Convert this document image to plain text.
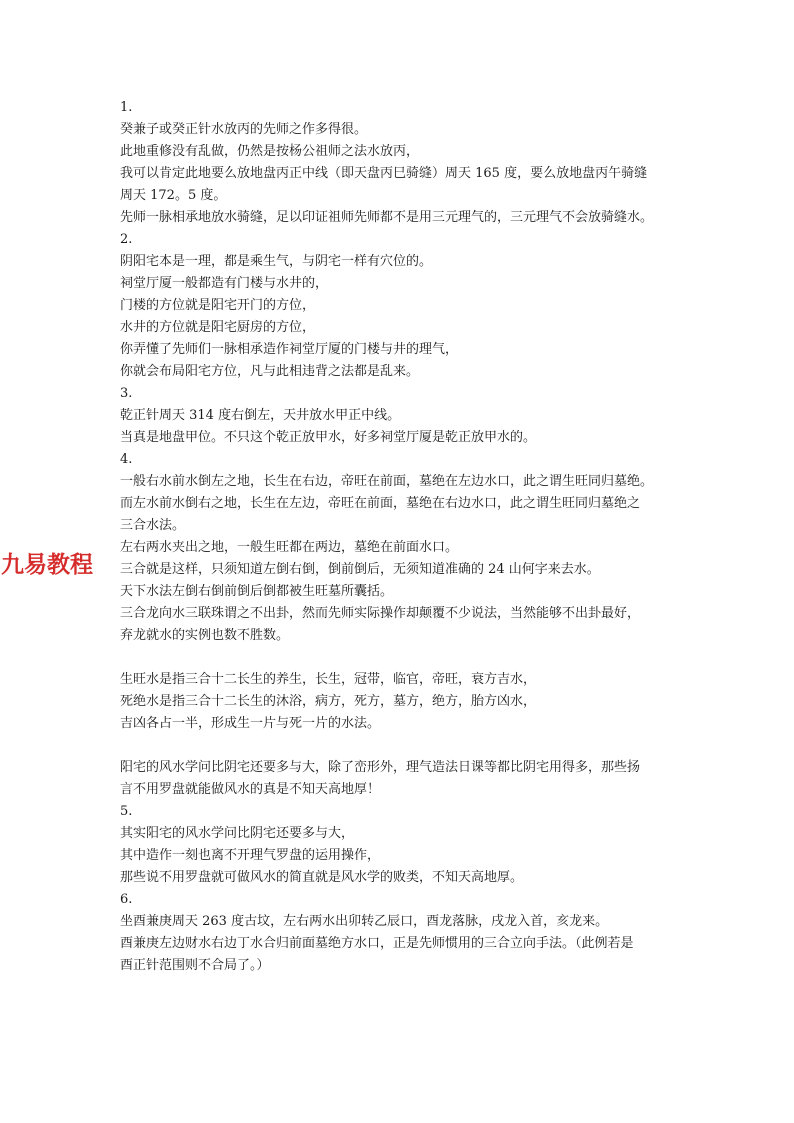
九易教程
1.
癸兼子或癸正针水放丙的先师之作多得很。
此地重修没有乱做，仍然是按杨公祖师之法水放丙，
我可以肯定此地要么放地盘丙正中线（即天盘丙巳骑缝）周天 165 度，要么放地盘丙午骑缝
周天 172。5 度。
先师一脉相承地放水骑缝，足以印证祖师先师都不是用三元理气的，三元理气不会放骑缝水。
2.
阴阳宅本是一理，都是乘生气，与阴宅一样有穴位的。
祠堂厅厦一般都造有门楼与水井的，
门楼的方位就是阳宅开门的方位，
水井的方位就是阳宅厨房的方位，
你弄懂了先师们一脉相承造作祠堂厅厦的门楼与井的理气，
你就会布局阳宅方位，凡与此相违背之法都是乱来。
3.
乾正针周天 314 度右倒左，天井放水甲正中线。
当真是地盘甲位。不只这个乾正放甲水，好多祠堂厅厦是乾正放甲水的。
4.
一般右水前水倒左之地，长生在右边，帝旺在前面，墓绝在左边水口，此之谓生旺同归墓绝。
而左水前水倒右之地，长生在左边，帝旺在前面，墓绝在右边水口，此之谓生旺同归墓绝之
三合水法。
左右两水夹出之地，一般生旺都在两边，墓绝在前面水口。
三合就是这样，只须知道左倒右倒，倒前倒后，无须知道准确的 24 山何字来去水。
天下水法左倒右倒前倒后倒都被生旺墓所囊括。
三合龙向水三联珠谓之不出卦，然而先师实际操作却颠覆不少说法，当然能够不出卦最好，
弃龙就水的实例也数不胜数。
生旺水是指三合十二长生的养生，长生，冠带，临官，帝旺，衰方吉水，
死绝水是指三合十二长生的沐浴，病方，死方，墓方，绝方，胎方凶水，
吉凶各占一半，形成生一片与死一片的水法。
阳宅的风水学问比阴宅还要多与大，除了峦形外，理气造法日课等都比阴宅用得多，那些扬
言不用罗盘就能做风水的真是不知天高地厚！
5.
其实阳宅的风水学问比阴宅还要多与大，
其中造作一刻也离不开理气罗盘的运用操作，
那些说不用罗盘就可做风水的简直就是风水学的败类，不知天高地厚。
6.
坐酉兼庚周天 263 度古坟，左右两水出卯转乙辰口，酉龙落脉，戌龙入首，亥龙来。
酉兼庚左边财水右边丁水合归前面墓绝方水口，正是先师惯用的三合立向手法。（此例若是
酉正针范围则不合局了。）
